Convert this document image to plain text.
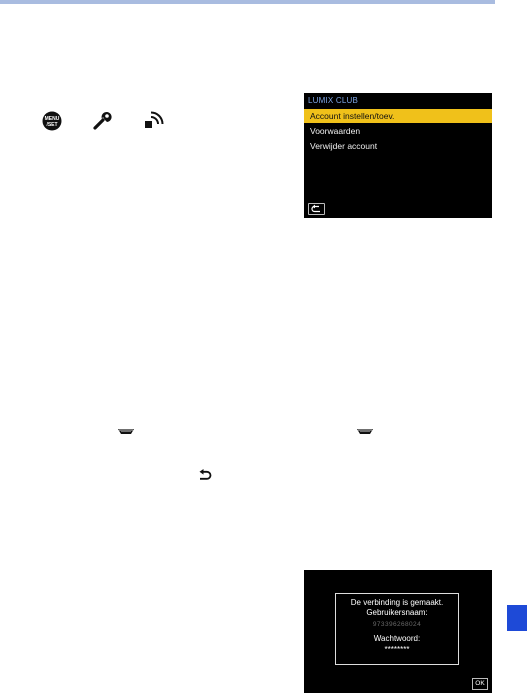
MENU
/SET
LUMIX CLUB
Account instellen/toev.
Voorwaarden
Verwijder account
De verbinding is gemaakt.
Gebruikersnaam:
973396268024
Wachtwoord:
********
OK
